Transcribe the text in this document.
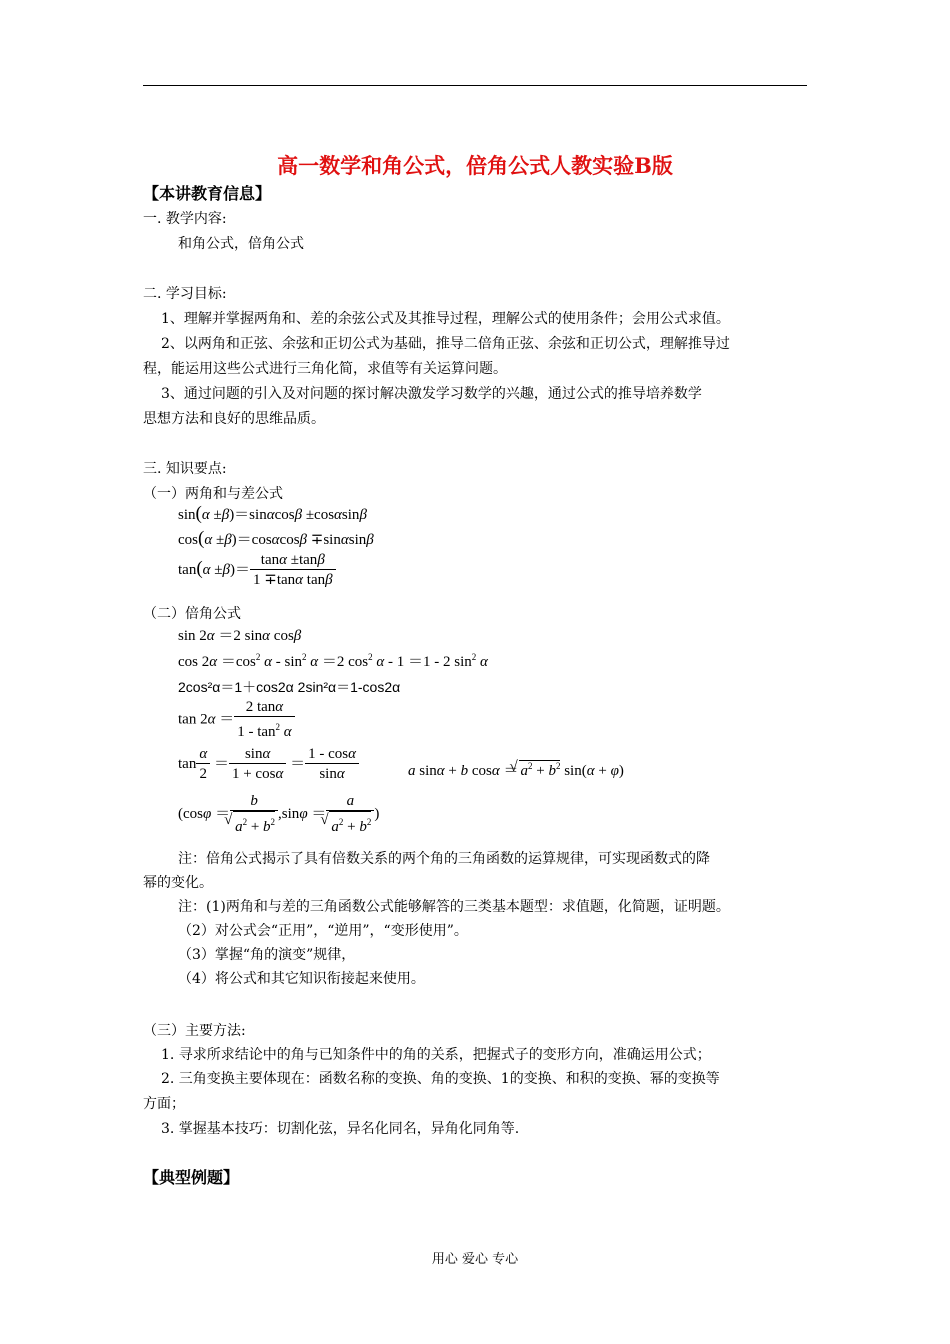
高一数学和角公式，倍角公式人教实验B版
【本讲教育信息】
一. 教学内容:
和角公式，倍角公式
二. 学习目标:
1、理解并掌握两角和、差的余弦公式及其推导过程，理解公式的使用条件；会用公式求值。
2、以两角和正弦、余弦和正切公式为基础，推导二倍角正弦、余弦和正切公式，理解推导过
程，能运用这些公式进行三角化简，求值等有关运算问题。
3、通过问题的引入及对问题的探讨解决激发学习数学的兴趣，通过公式的推导培养数学
思想方法和良好的思维品质。
三. 知识要点:
（一）两角和与差公式
sin(α ±β)＝sinαcosβ ±cosαsinβ
cos(α ±β)＝cosαcosβ ∓sinαsinβ
$\tan(\alpha \pm\beta)= \frac{\tan\alpha \pm\tan\beta}{\text{1 ∓tanα tanβ}}$
（二）倍角公式
sin 2α ＝2 sinα cosβ
$\cos 2\alpha =\cos^2$ $\alpha - \sin^2 \alpha =2$ $\cos^2 \alpha - 1 =1 - 2$ $\sin^2 \alpha$
2cos²α＝1＋cos2α 2sin²α＝1-cos2α
$\tan 2\alpha = \frac{2 \tan\alpha}{1 - \tan^2 \alpha}$
$\tan \frac{\alpha}{2} = \frac{\sin\alpha}{1 + \cos\alpha} = \frac{1 - \cos\alpha}{\sin\alpha}$	a sinα + b cosα ＝√ $a^2 + b^2$ sin(α + φ)
(cosφ ＝ b
√ $a^2 + b^2$ ,sinφ ＝ a
√ $a^2 + b^2$ )
注：倍角公式揭示了具有倍数关系的两个角的三角函数的运算规律，可实现函数式的降
幂的变化。
注：(1)两角和与差的三角函数公式能够解答的三类基本题型：求值题，化简题，证明题。
（2）对公式会“正用”，“逆用”，“变形使用”。
（3）掌握“角的演变”规律，
（4）将公式和其它知识衔接起来使用。
（三）主要方法:
1. 寻求所求结论中的角与已知条件中的角的关系，把握式子的变形方向，准确运用公式；
2. 三角变换主要体现在：函数名称的变换、角的变换、1的变换、和积的变换、幂的变换等
方面；
3. 掌握基本技巧：切割化弦，异名化同名，异角化同角等.
【典型例题】
用心 爱心 专心
